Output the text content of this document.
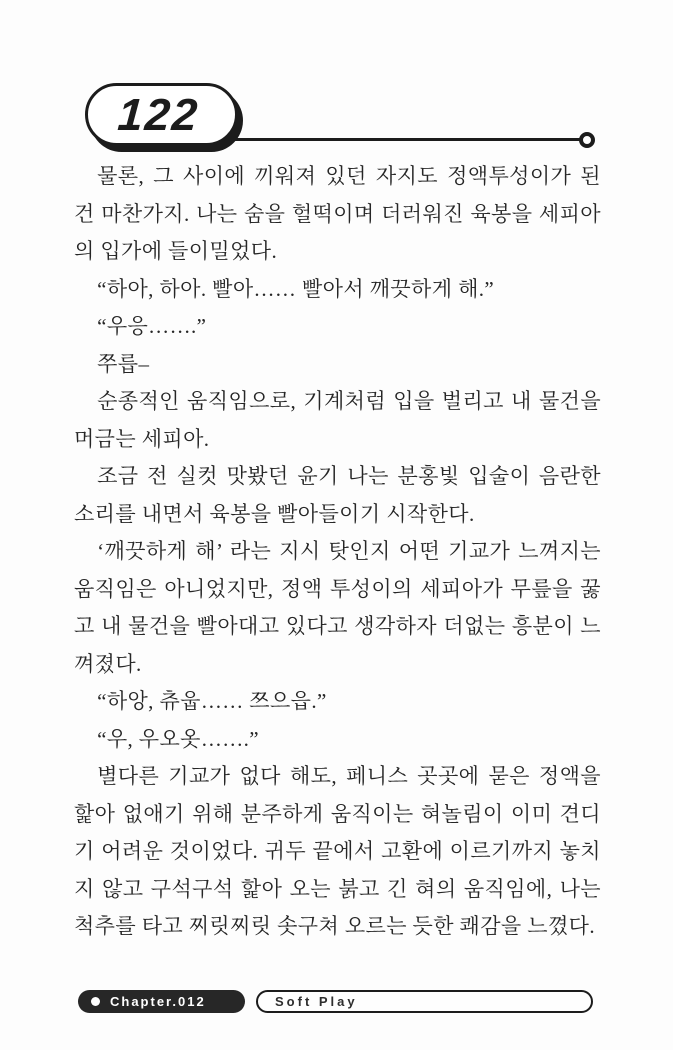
122

물론, 그 사이에 끼워져 있던 자지도 정액투성이가 된 건 마찬가지. 나는 숨을 헐떡이며 더러워진 육봉을 세피아의 입가에 들이밀었다.

“하아, 하아. 빨아…… 빨아서 깨끗하게 해.”

“우응…….”

쭈릅–

순종적인 움직임으로, 기계처럼 입을 벌리고 내 물건을 머금는 세피아.

조금 전 실컷 맛봤던 윤기 나는 분홍빛 입술이 음란한 소리를 내면서 육봉을 빨아들이기 시작한다.

‘깨끗하게 해’ 라는 지시 탓인지 어떤 기교가 느껴지는 움직임은 아니었지만, 정액 투성이의 세피아가 무릎을 꿇고 내 물건을 빨아대고 있다고 생각하자 더없는 흥분이 느껴졌다.

“하앙, 츄웁…… 쯔으읍.”

“우, 우오옷…….”

별다른 기교가 없다 해도, 페니스 곳곳에 묻은 정액을 핥아 없애기 위해 분주하게 움직이는 혀놀림이 이미 견디기 어려운 것이었다. 귀두 끝에서 고환에 이르기까지 놓치지 않고 구석구석 핥아 오는 붉고 긴 혀의 움직임에, 나는 척추를 타고 찌릿찌릿 솟구쳐 오르는 듯한 쾌감을 느꼈다.

Chapter.012	Soft Play
